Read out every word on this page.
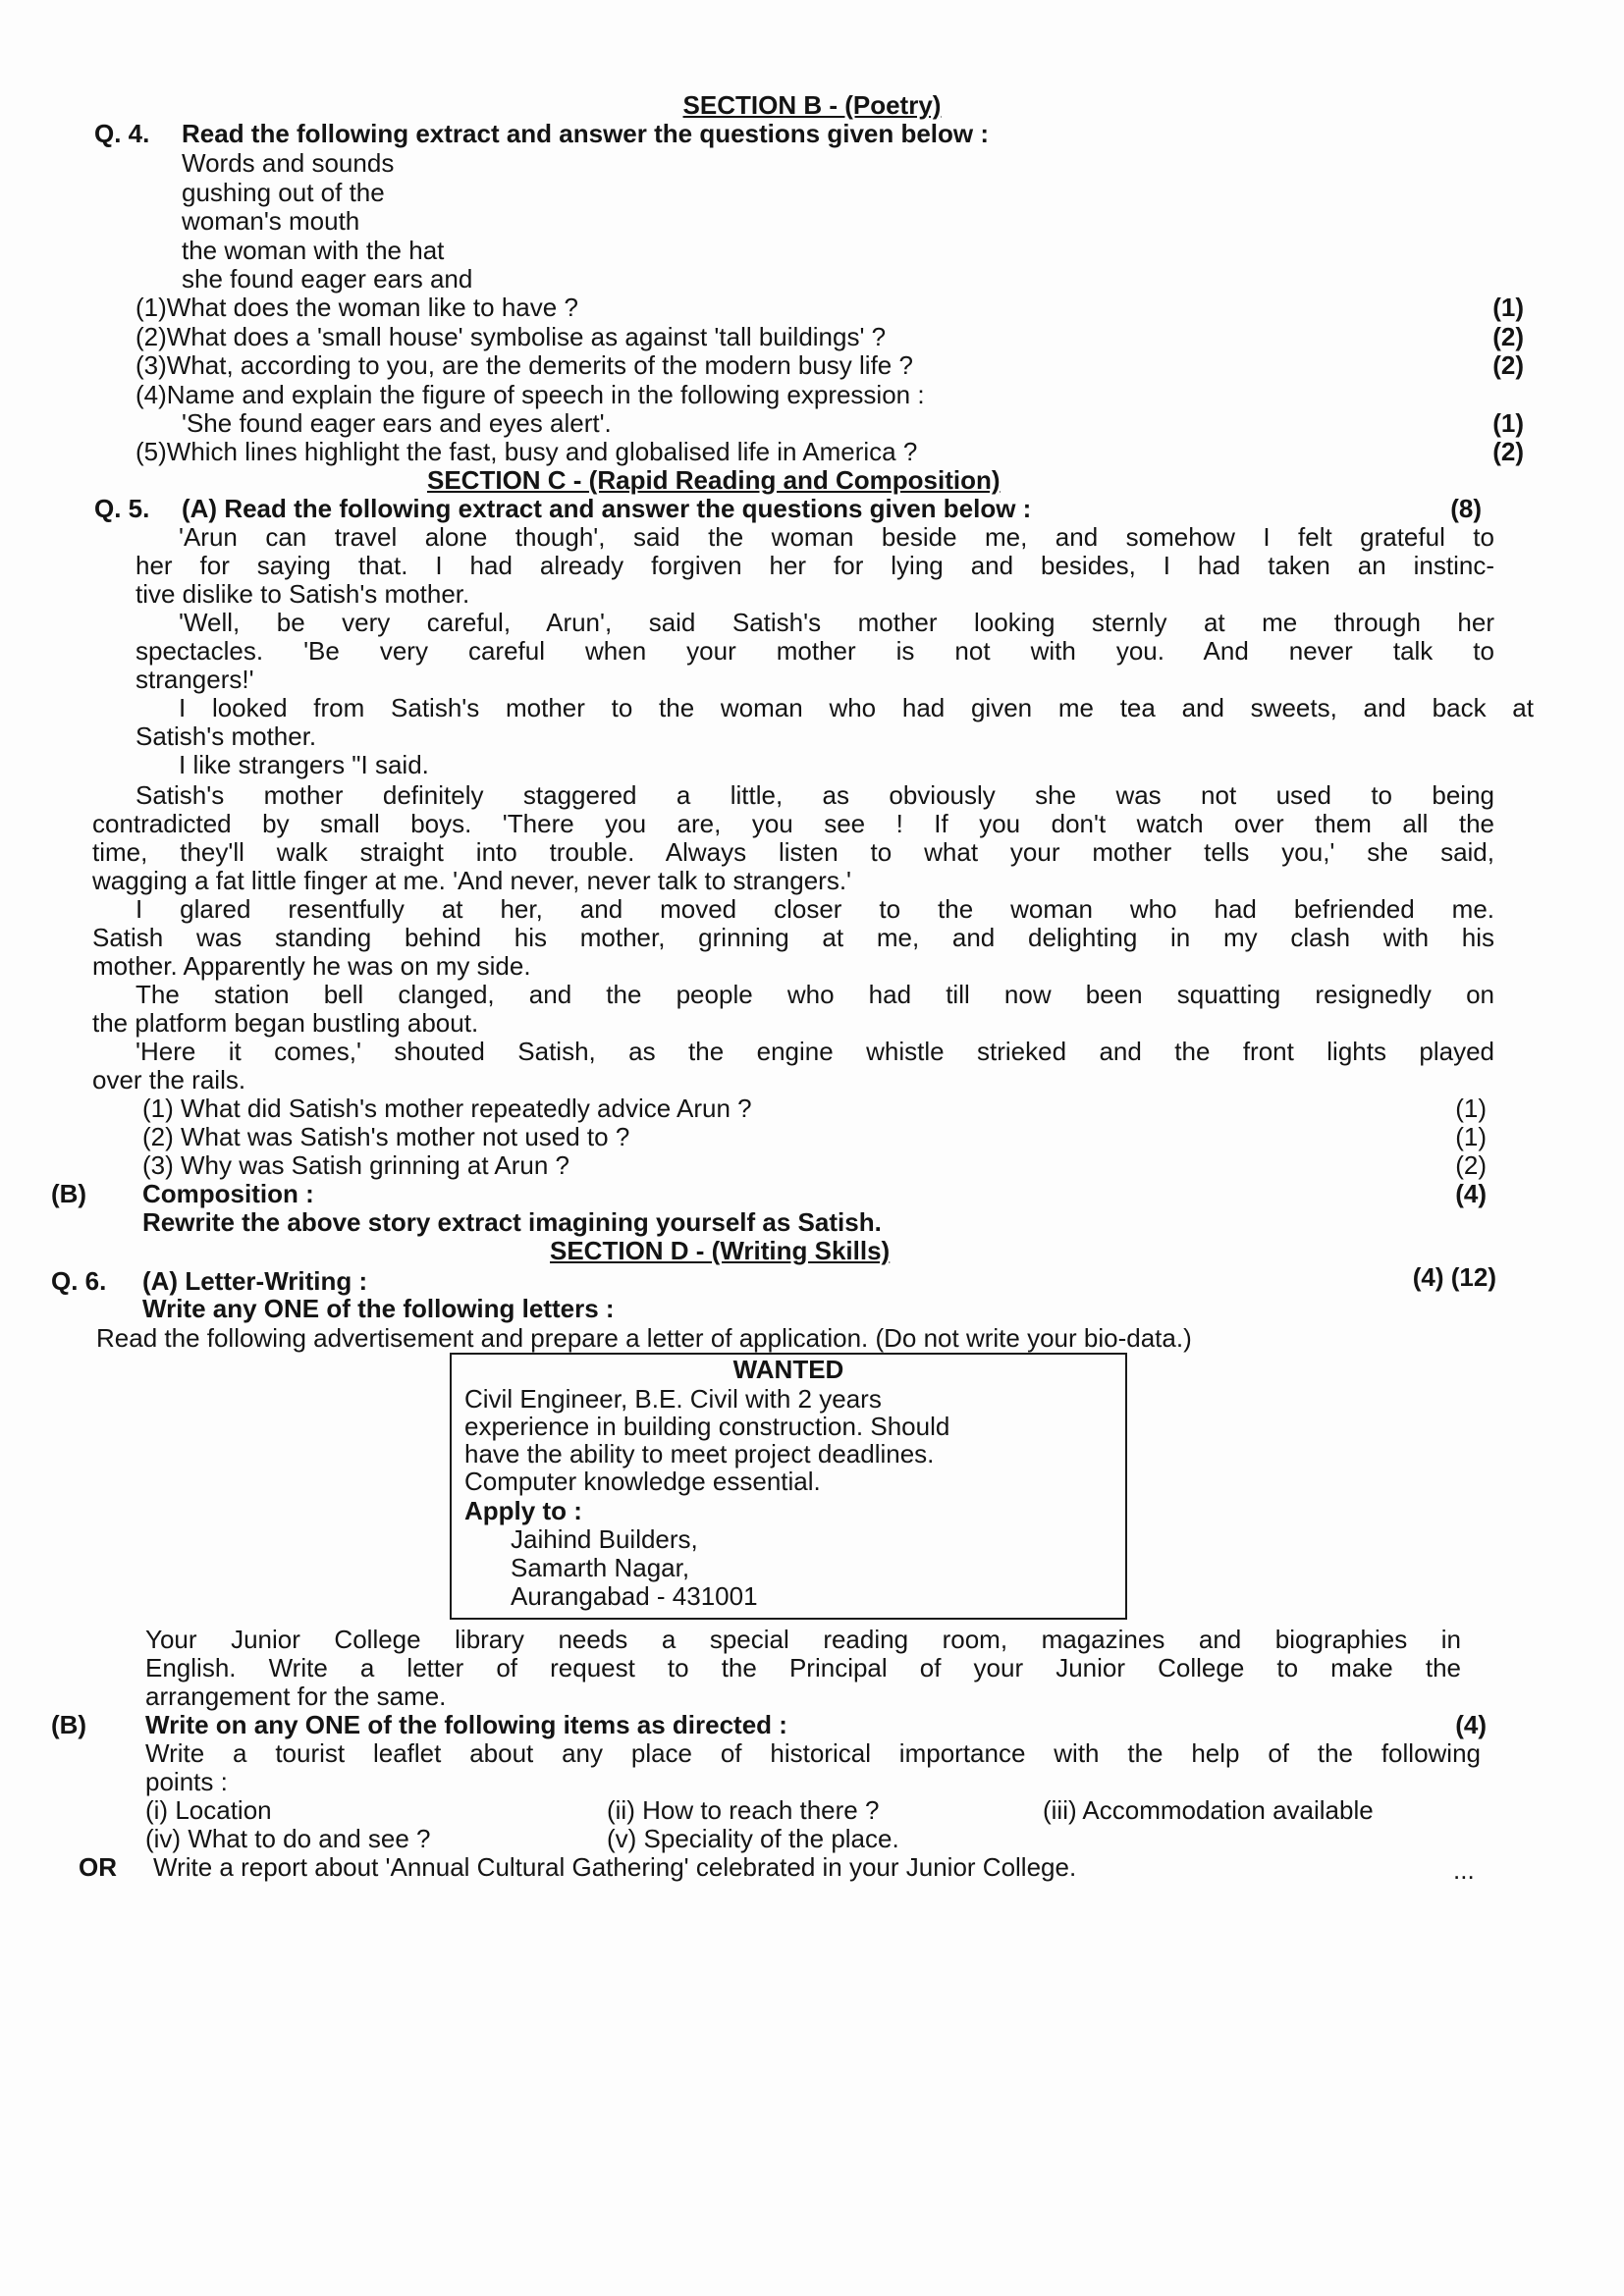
SECTION B - (Poetry)
Q. 4. Read the following extract and answer the questions given below :
Words and sounds
gushing out of the
woman's mouth
the woman with the hat
she found eager ears and
(1)What does the woman like to have ?	(1)
(2)What does a 'small house' symbolise as against 'tall buildings' ?	(2)
(3)What, according to you, are the demerits of the modern busy life ?	(2)
(4)Name and explain the figure of speech in the following expression :
'She found eager ears and eyes alert'.	(1)
(5)Which lines highlight the fast, busy and globalised life in America ?	(2)
SECTION C - (Rapid Reading and Composition)
Q. 5. (A) Read the following extract and answer the questions given below :	(8)
'Arun can travel alone though', said the woman beside me, and somehow I felt grateful to
her for saying that. I had already forgiven her for lying and besides, I had taken an instinc-
tive dislike to Satish's mother.
'Well, be very careful, Arun', said Satish's mother looking sternly at me through her
spectacles. 'Be very careful when your mother is not with you. And never talk to
strangers!'
I looked from Satish's mother to the woman who had given me tea and sweets, and back at
Satish's mother.
I like strangers "I said.
Satish's mother definitely staggered a little, as obviously she was not used to being
contradicted by small boys. 'There you are, you see ! If you don't watch over them all the
time, they'll walk straight into trouble. Always listen to what your mother tells you,' she said,
wagging a fat little finger at me. 'And never, never talk to strangers.'
I glared resentfully at her, and moved closer to the woman who had befriended me.
Satish was standing behind his mother, grinning at me, and delighting in my clash with his
mother. Apparently he was on my side.
The station bell clanged, and the people who had till now been squatting resignedly on
the platform began bustling about.
'Here it comes,' shouted Satish, as the engine whistle strieked and the front lights played
over the rails.
(1) What did Satish's mother repeatedly advice Arun ?	(1)
(2) What was Satish's mother not used to ?	(1)
(3) Why was Satish grinning at Arun ?	(2)
(B) Composition :	(4)
Rewrite the above story extract imagining yourself as Satish.
SECTION D - (Writing Skills)
Q. 6. (A) Letter-Writing :	(4) (12)
Write any ONE of the following letters :
Read the following advertisement and prepare a letter of application. (Do not write your bio-data.)
WANTED
Civil Engineer, B.E. Civil with 2 years
experience in building construction. Should
have the ability to meet project deadlines.
Computer knowledge essential.
Apply to :
Jaihind Builders,
Samarth Nagar,
Aurangabad - 431001
Your Junior College library needs a special reading room, magazines and biographies in
English. Write a letter of request to the Principal of your Junior College to make the
arrangement for the same.
(B) Write on any ONE of the following items as directed :	(4)
Write a tourist leaflet about any place of historical importance with the help of the following
points :
(i) Location	(ii) How to reach there ?	(iii) Accommodation available
(iv) What to do and see ?	(v) Speciality of the place.
OR Write a report about 'Annual Cultural Gathering' celebrated in your Junior College.	...
